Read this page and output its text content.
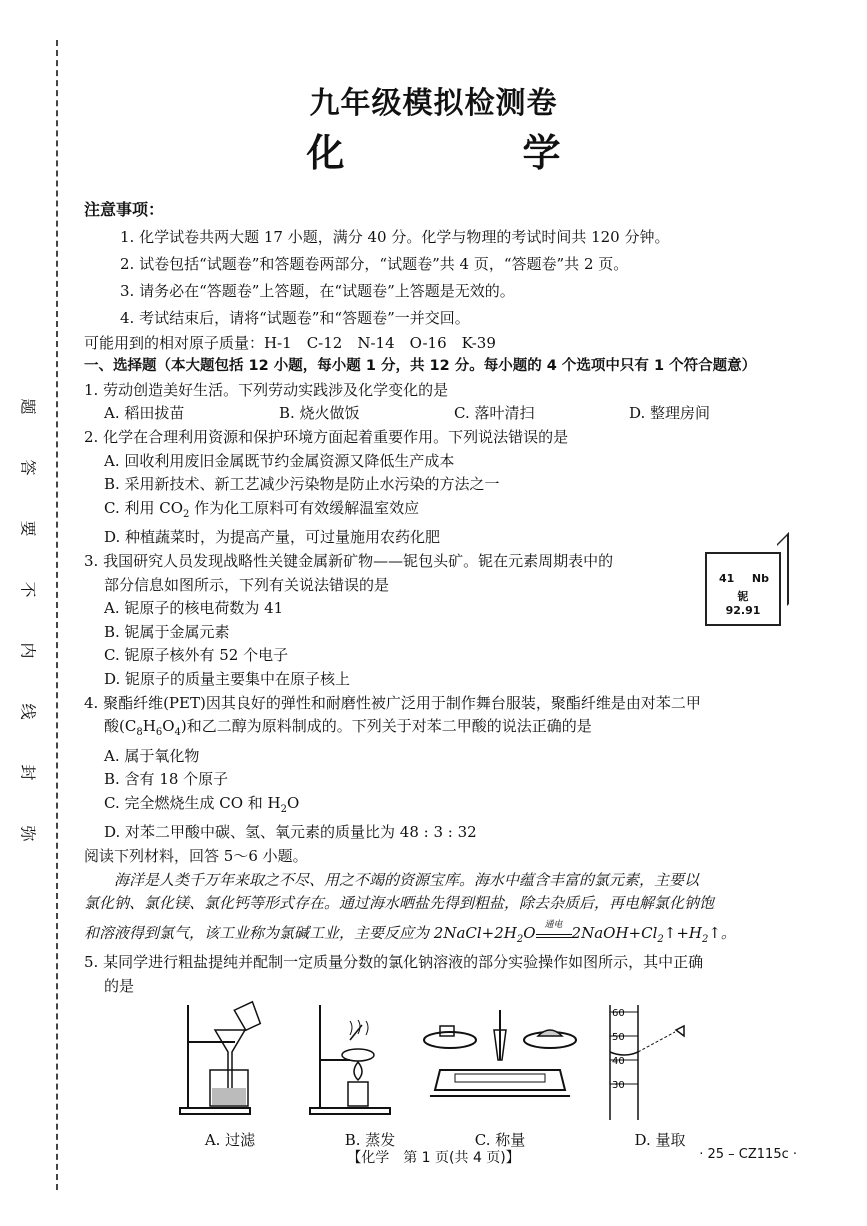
题
答
要
不
内
线
封
弥
九年级模拟检测卷
化　学
注意事项：
1. 化学试卷共两大题 17 小题，满分 40 分。化学与物理的考试时间共 120 分钟。
2. 试卷包括“试题卷”和答题卷两部分，“试题卷”共 4 页，“答题卷”共 2 页。
3. 请务必在“答题卷”上答题，在“试题卷”上答题是无效的。
4. 考试结束后，请将“试题卷”和“答题卷”一并交回。
可能用到的相对原子质量：H-1　C-12　N-14　O-16　K-39
一、选择题（本大题包括 12 小题，每小题 1 分，共 12 分。每小题的 4 个选项中只有 1 个符合题意）
1. 劳动创造美好生活。下列劳动实践涉及化学变化的是
A. 稻田拔苗	B. 烧火做饭	C. 落叶清扫	D. 整理房间
2. 化学在合理利用资源和保护环境方面起着重要作用。下列说法错误的是
A. 回收利用废旧金属既节约金属资源又降低生产成本
B. 采用新技术、新工艺减少污染物是防止水污染的方法之一
C. 利用 $CO_2$ 作为化工原料可有效缓解温室效应
D. 种植蔬菜时，为提高产量，可过量施用农药化肥
3. 我国研究人员发现战略性关键金属新矿物——铌包头矿。铌在元素周期表中的
部分信息如图所示，下列有关说法错误的是
A. 铌原子的核电荷数为 41
B. 铌属于金属元素
C. 铌原子核外有 52 个电子
D. 铌原子的质量主要集中在原子核上
4. 聚酯纤维(PET)因其良好的弹性和耐磨性被广泛用于制作舞台服装，聚酯纤维是由对苯二甲
酸$(C_8H_6O_4)$和乙二醇为原料制成的。下列关于对苯二甲酸的说法正确的是
A. 属于氧化物
B. 含有 18 个原子
C. 完全燃烧生成 CO 和 $H_2O$
D. 对苯二甲酸中碳、氢、氧元素的质量比为 48 : 3 : 32
阅读下列材料，回答 5～6 小题。
海洋是人类千万年来取之不尽、用之不竭的资源宝库。海水中蕴含丰富的氯元素，主要以
氯化钠、氯化镁、氯化钙等形式存在。通过海水晒盐先得到粗盐，除去杂质后，再电解氯化钠饱
和溶液得到氯气，该工业称为氯碱工业，主要反应为 $2NaCl+2H_2O$ 通电 $2NaOH+Cl_2↑+H_2↑$。
5. 某同学进行粗盐提纯并配制一定质量分数的氯化钠溶液的部分实验操作如图所示，其中正确
的是
41 Nb
铌
92.91
A. 过滤	B. 蒸发	C. 称量
60
50
40
30
D. 量取
【化学　第 1 页(共 4 页)】	· 25 – CZ115c ·
